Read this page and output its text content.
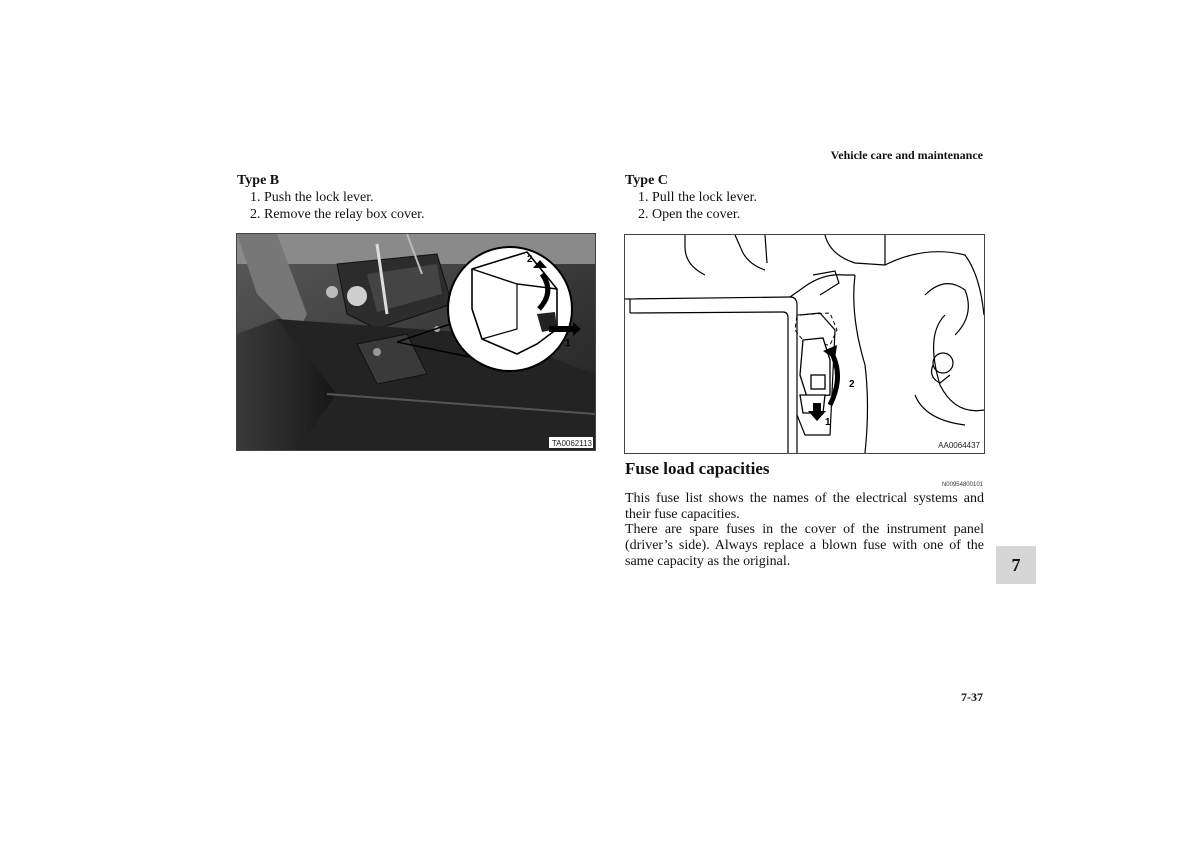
Vehicle care and maintenance
Type B
1. Push the lock lever.
2. Remove the relay box cover.
2
1
TA0062113
Type C
1. Pull the lock lever.
2. Open the cover.
2
1
AA0064437
Fuse load capacities
N00954800101
This fuse list shows the names of the electrical systems and their fuse capacities.
There are spare fuses in the cover of the instrument panel (driver’s side). Always replace a blown fuse with one of the same capacity as the original.	7
7-37
